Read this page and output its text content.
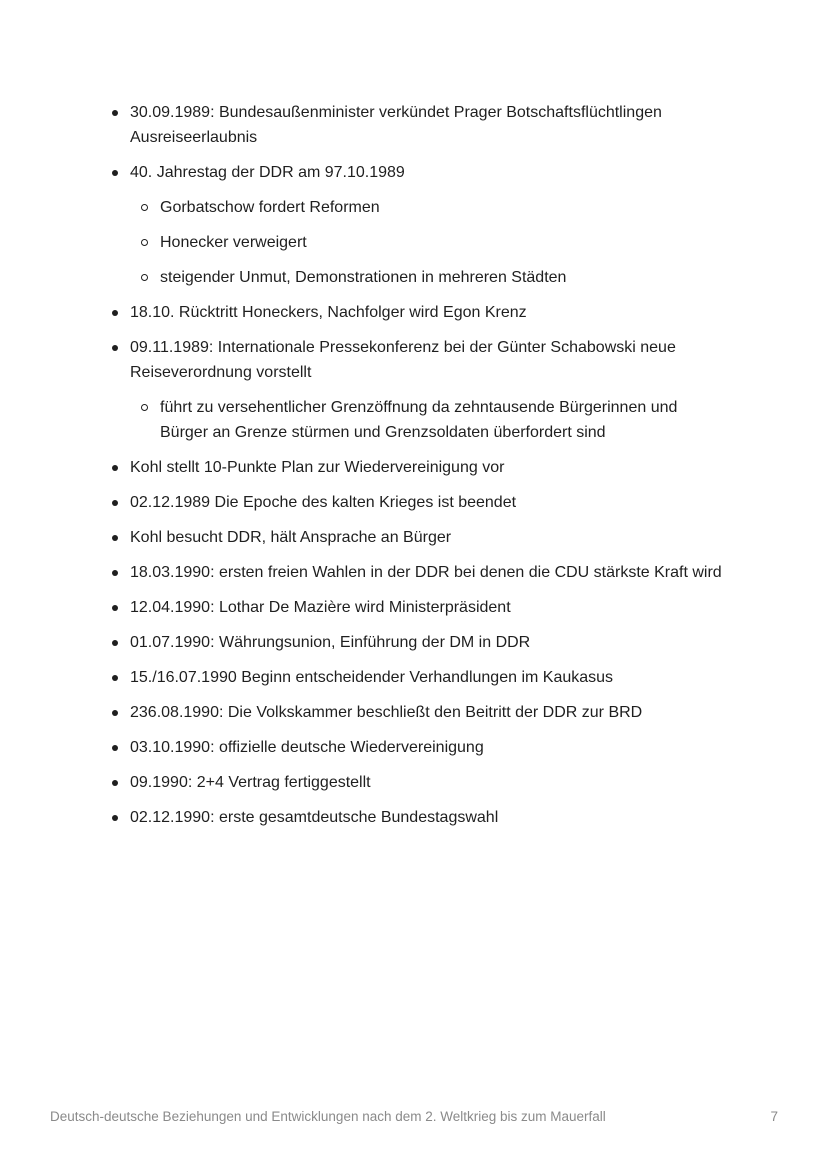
30.09.1989: Bundesaußenminister verkündet Prager Botschaftsflüchtlingen Ausreiseerlaubnis
40. Jahrestag der DDR am 97.10.1989
Gorbatschow fordert Reformen
Honecker verweigert
steigender Unmut, Demonstrationen in mehreren Städten
18.10. Rücktritt Honeckers, Nachfolger wird Egon Krenz
09.11.1989: Internationale Pressekonferenz bei der Günter Schabowski neue Reiseverordnung vorstellt
führt zu versehentlicher Grenzöffnung da zehntausende Bürgerinnen und Bürger an Grenze stürmen und Grenzsoldaten überfordert sind
Kohl stellt 10-Punkte Plan zur Wiedervereinigung vor
02.12.1989 Die Epoche des kalten Krieges ist beendet
Kohl besucht DDR, hält Ansprache an Bürger
18.03.1990: ersten freien Wahlen in der DDR bei denen die CDU stärkste Kraft wird
12.04.1990: Lothar De Mazière wird Ministerpräsident
01.07.1990: Währungsunion, Einführung der DM in DDR
15./16.07.1990 Beginn entscheidender Verhandlungen im Kaukasus
236.08.1990: Die Volkskammer beschließt den Beitritt der DDR zur BRD
03.10.1990: offizielle deutsche Wiedervereinigung
09.1990: 2+4 Vertrag fertiggestellt
02.12.1990: erste gesamtdeutsche Bundestagswahl
Deutsch-deutsche Beziehungen und Entwicklungen nach dem 2. Weltkrieg bis zum Mauerfall	7
